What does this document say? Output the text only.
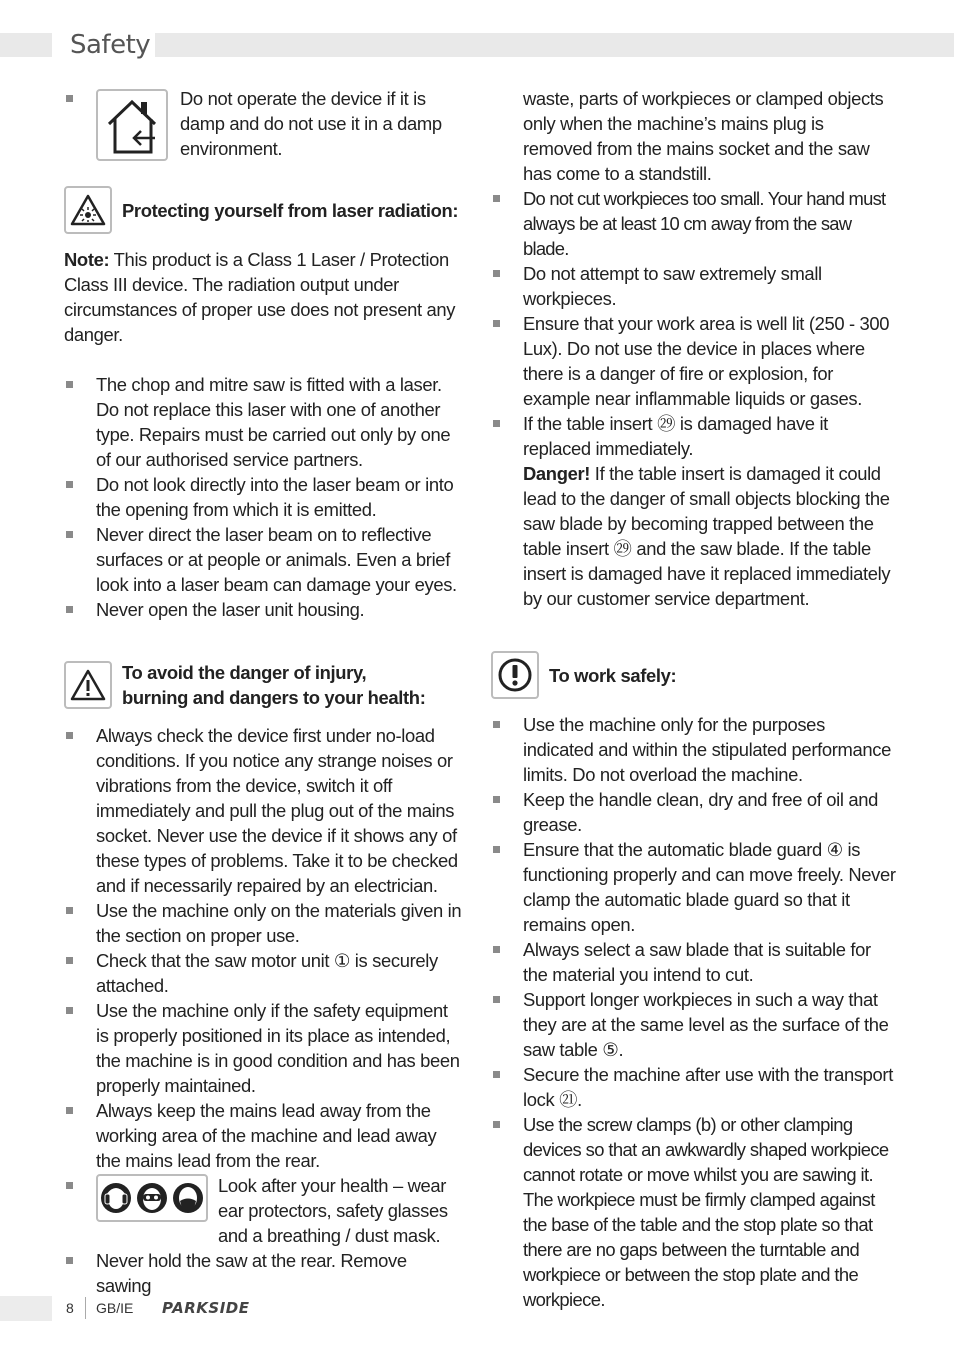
Safety

Do not operate the device if it is damp and do not use it in a damp environment.

Protecting yourself from laser radiation:

Note: This product is a Class 1 Laser / Protection Class III device. The radiation output under circumstances of proper use does not present any danger.

The chop and mitre saw is fitted with a laser. Do not replace this laser with one of another type. Repairs must be carried out only by one of our authorised service partners.
Do not look directly into the laser beam or into the opening from which it is emitted.
Never direct the laser beam on to reflective surfaces or at people or animals. Even a brief look into a laser beam can damage your eyes.
Never open the laser unit housing.
To avoid the danger of injury,
burning and dangers to your health:
Always check the device first under no-load conditions. If you notice any strange noises or vibrations from the device, switch it off immediately and pull the plug out of the mains socket. Never use the device if it shows any of these types of problems. Take it to be checked and if necessarily repaired by an electrician.
Use the machine only on the materials given in the section on proper use.
Check that the saw motor unit ① is securely attached.
Use the machine only if the safety equipment is properly positioned in its place as intended, the machine is in good condition and has been properly maintained.
Always keep the mains lead away from the working area of the machine and lead away the mains lead from the rear.
Look after your health – wear ear protectors, safety glasses and a breathing / dust mask.
Never hold the saw at the rear. Remove sawing
waste, parts of workpieces or clamped objects only when the machine’s mains plug is removed from the mains socket and the saw has come to a standstill.
Do not cut workpieces too small. Your hand must always be at least 10 cm away from the saw blade.
Do not attempt to saw extremely small workpieces.
Ensure that your work area is well lit (250 - 300 Lux). Do not use the device in places where there is a danger of fire or explosion, for example near inflammable liquids or gases.
If the table insert ㉙ is damaged have it replaced immediately.
Danger! If the table insert is damaged it could lead to the danger of small objects blocking the saw blade by becoming trapped between the table insert ㉙ and the saw blade. If the table insert is damaged have it replaced immediately by our customer service department.
To work safely:
Use the machine only for the purposes indicated and within the stipulated performance limits. Do not overload the machine.
Keep the handle clean, dry and free of oil and grease.
Ensure that the automatic blade guard ④ is functioning properly and can move freely. Never clamp the automatic blade guard so that it remains open.
Always select a saw blade that is suitable for the material you intend to cut.
Support longer workpieces in such a way that they are at the same level as the surface of the saw table ⑤.
Secure the machine after use with the transport lock ㉑.
Use the screw clamps (b) or other clamping devices so that an awkwardly shaped workpiece cannot rotate or move whilst you are sawing it. The workpiece must be firmly clamped against the base of the table and the stop plate so that there are no gaps between the turntable and workpiece or between the stop plate and the workpiece.
8 GB/IE PARKSIDE
